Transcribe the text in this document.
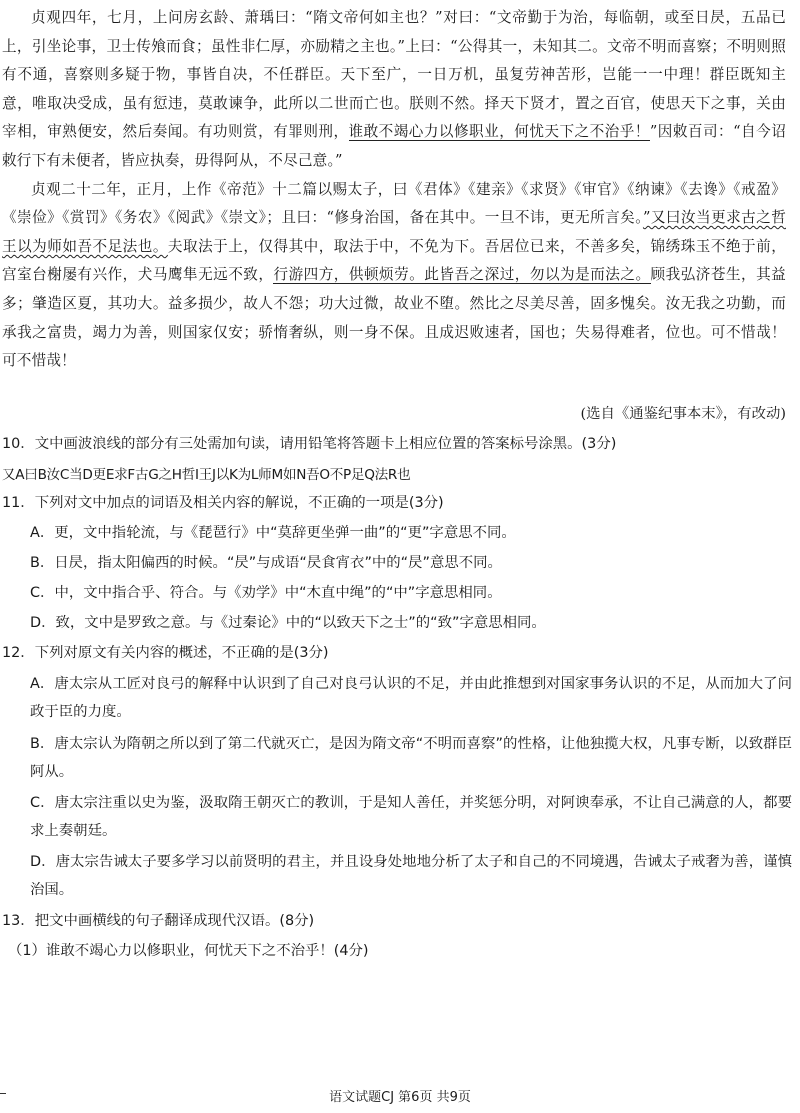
贞观四年，七月，上问房玄龄、萧瑀曰：“隋文帝何如主也？”对曰：“文帝勤于为治，每临朝，或至日昃，五品已上，引坐论事，卫士传飧而食；虽性非仁厚，亦励精之主也。”上曰：“公得其一，未知其二。文帝不明而喜察；不明则照有不通，喜察则多疑于物，事皆自决，不任群臣。天下至广，一日万机，虽复劳神苦形，岂能一一中理！群臣既知主意，唯取决受成，虽有愆违，莫敢谏争，此所以二世而亡也。朕则不然。择天下贤才，置之百官，使思天下之事，关由宰相，审熟便安，然后奏闻。有功则赏，有罪则刑，谁敢不竭心力以修职业，何忧天下之不治乎！”因敕百司：“自今诏敕行下有未便者，皆应执奏，毋得阿从，不尽己意。”

贞观二十二年，正月，上作《帝范》十二篇以赐太子，曰《君体》《建亲》《求贤》《审官》《纳谏》《去谗》《戒盈》《崇俭》《赏罚》《务农》《阅武》《崇文》；且曰：“修身治国，备在其中。一旦不讳，更无所言矣。”又曰汝当更求古之哲王以为师如吾不足法也。夫取法于上，仅得其中，取法于中，不免为下。吾居位已来，不善多矣，锦绣珠玉不绝于前，宫室台榭屡有兴作，犬马鹰隼无远不致，行游四方，供顿烦劳。此皆吾之深过，勿以为是而法之。顾我弘济苍生，其益多；肇造区夏，其功大。益多损少，故人不怨；功大过微，故业不堕。然比之尽美尽善，固多愧矣。汝无我之功勤，而承我之富贵，竭力为善，则国家仅安；骄惰奢纵，则一身不保。且成迟败速者，国也；失易得难者，位也。可不惜哉！可不惜哉！

(选自《通鉴纪事本末》，有改动)
10．文中画波浪线的部分有三处需加句读，请用铅笔将答题卡上相应位置的答案标号涂黑。(3分)
又A曰B汝C当D更E求F古G之H哲I王J以K为L师M如N吾O不P足Q法R也
11．下列对文中加点的词语及相关内容的解说，不正确的一项是(3分)
A．更，文中指轮流，与《琵琶行》中“莫辞更坐弹一曲”的“更”字意思不同。
B．日昃，指太阳偏西的时候。“昃”与成语“昃食宵衣”中的“昃”意思不同。
C．中，文中指合乎、符合。与《劝学》中“木直中绳”的“中”字意思相同。
D．致，文中是罗致之意。与《过秦论》中的“以致天下之士”的“致”字意思相同。
12．下列对原文有关内容的概述，不正确的是(3分)
A．唐太宗从工匠对良弓的解释中认识到了自己对良弓认识的不足，并由此推想到对国家事务认识的不足，从而加大了问政于臣的力度。
B．唐太宗认为隋朝之所以到了第二代就灭亡，是因为隋文帝“不明而喜察”的性格，让他独揽大权，凡事专断，以致群臣阿从。
C．唐太宗注重以史为鉴，汲取隋王朝灭亡的教训，于是知人善任，并奖惩分明，对阿谀奉承，不让自己满意的人，都要求上奏朝廷。
D．唐太宗告诫太子要多学习以前贤明的君主，并且设身处地地分析了太子和自己的不同境遇，告诫太子戒奢为善，谨慎治国。
13．把文中画横线的句子翻译成现代汉语。(8分)
（1）谁敢不竭心力以修职业，何忧天下之不治乎！(4分)
语文试题CJ 第6页 共9页
